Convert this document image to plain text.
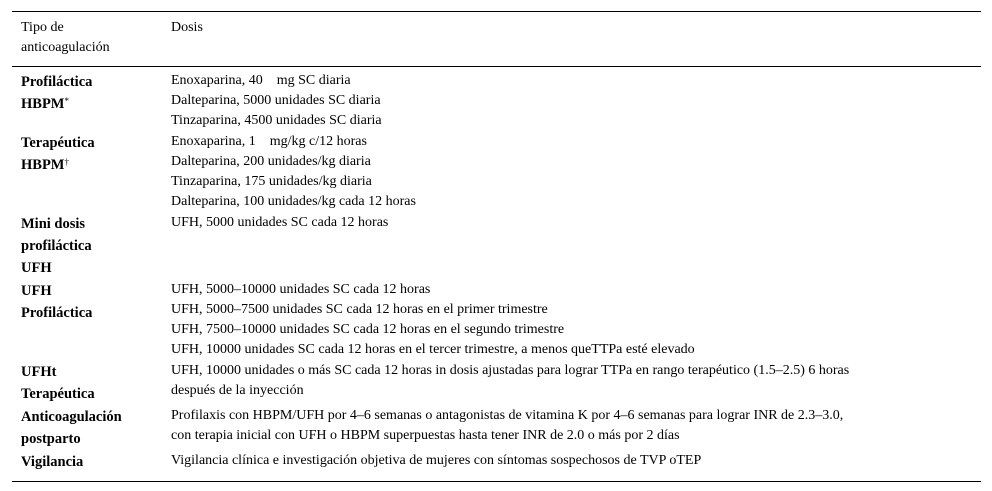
Tipo de
anticoagulación	Dosis

Profiláctica
HBPM*	Enoxaparina, 40 mg SC diaria
Dalteparina, 5000 unidades SC diaria
Tinzaparina, 4500 unidades SC diaria

Terapéutica
HBPM†	Enoxaparina, 1 mg/kg c/12 horas
Dalteparina, 200 unidades/kg diaria
Tinzaparina, 175 unidades/kg diaria
Dalteparina, 100 unidades/kg cada 12 horas

Mini dosis
profiláctica
UFH	UFH, 5000 unidades SC cada 12 horas

UFH
Profiláctica	UFH, 5000–10000 unidades SC cada 12 horas
UFH, 5000–7500 unidades SC cada 12 horas en el primer trimestre
UFH, 7500–10000 unidades SC cada 12 horas en el segundo trimestre
UFH, 10000 unidades SC cada 12 horas en el tercer trimestre, a menos queTTPa esté elevado

UFHt
Terapéutica	UFH, 10000 unidades o más SC cada 12 horas in dosis ajustadas para lograr TTPa en rango terapéutico (1.5–2.5) 6 horas
después de la inyección

Anticoagulación
postparto	Profilaxis con HBPM/UFH por 4–6 semanas o antagonistas de vitamina K por 4–6 semanas para lograr INR de 2.3–3.0,
con terapia inicial con UFH o HBPM superpuestas hasta tener INR de 2.0 o más por 2 días

Vigilancia	Vigilancia clínica e investigación objetiva de mujeres con síntomas sospechosos de TVP oTEP
